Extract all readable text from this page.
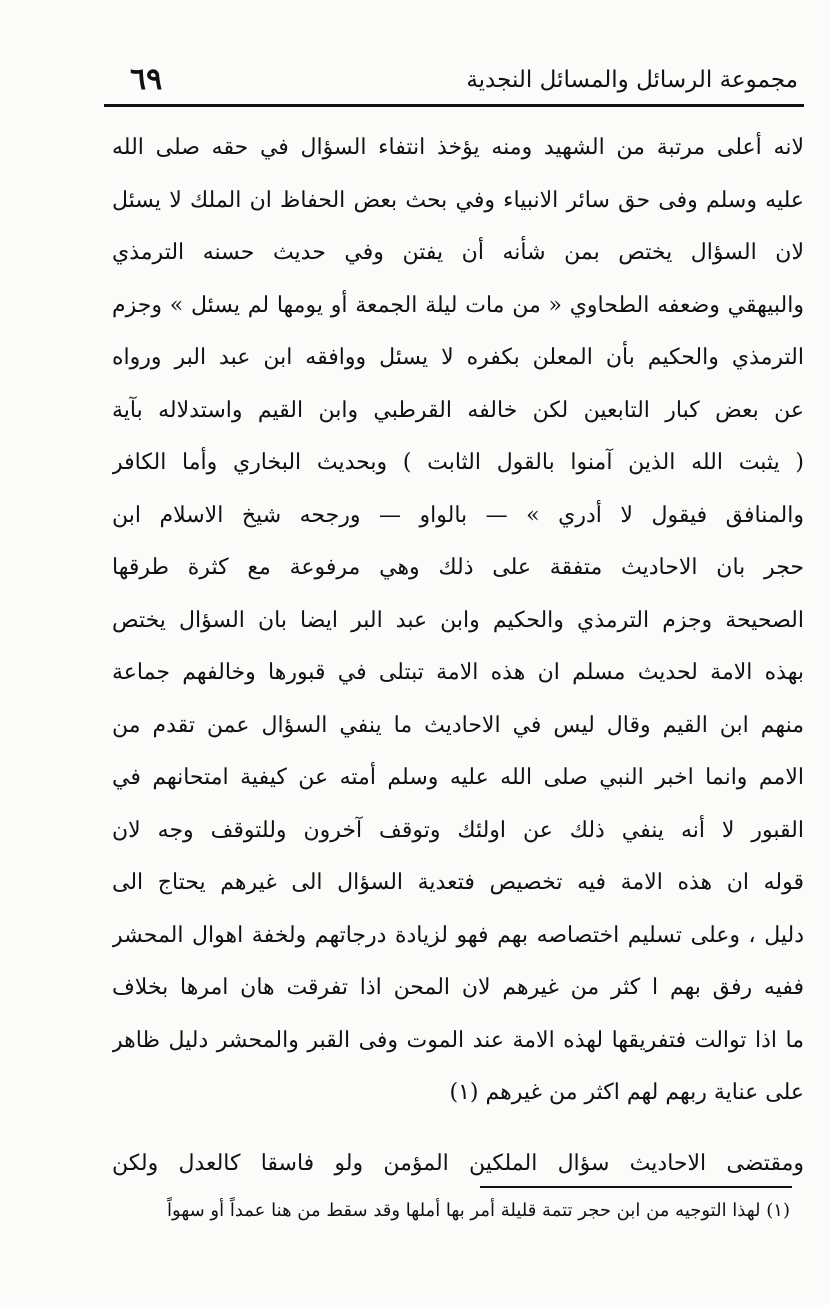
٦٩	مجموعة الرسائل والمسائل النجدية
لانه أعلى مرتبة من الشهيد ومنه يؤخذ انتفاء السؤال في حقه صلى الله
عليه وسلم وفى حق سائر الانبياء وفي بحث بعض الحفاظ ان الملك لا يسئل
لان السؤال يختص بمن شأنه أن يفتن وفي حديث حسنه الترمذي
والبيهقي وضعفه الطحاوي « من مات ليلة الجمعة أو يومها لم يسئل » وجزم
الترمذي والحكيم بأن المعلن بكفره لا يسئل ووافقه ابن عبد البر ورواه
عن بعض كبار التابعين لكن خالفه القرطبي وابن القيم واستدلاله بآية
( يثبت الله الذين آمنوا بالقول الثابت ) وبحديث البخاري وأما الكافر
والمنافق فيقول لا أدري » — بالواو — ورجحه شيخ الاسلام ابن
حجر بان الاحاديث متفقة على ذلك وهي مرفوعة مع كثرة طرقها
الصحيحة وجزم الترمذي والحكيم وابن عبد البر ايضا بان السؤال يختص
بهذه الامة لحديث مسلم ان هذه الامة تبتلى في قبورها وخالفهم جماعة
منهم ابن القيم وقال ليس في الاحاديث ما ينفي السؤال عمن تقدم من
الامم وانما اخبر النبي صلى الله عليه وسلم أمته عن كيفية امتحانهم في
القبور لا أنه ينفي ذلك عن اولئك وتوقف آخرون وللتوقف وجه لان
قوله ان هذه الامة فيه تخصيص فتعدية السؤال الى غيرهم يحتاج الى
دليل ، وعلى تسليم اختصاصه بهم فهو لزيادة درجاتهم ولخفة اهوال المحشر
ففيه رفق بهم ا كثر من غيرهم لان المحن اذا تفرقت هان امرها بخلاف
ما اذا توالت فتفريقها لهذه الامة عند الموت وفى القبر والمحشر دليل ظاهر
على عناية ربهم لهم اكثر من غيرهم (١)
ومقتضى الاحاديث سؤال الملكين المؤمن ولو فاسقا كالعدل ولكن
(١) لهذا التوجيه من ابن حجر تتمة قليلة أمر بها أملها وقد سقط من هنا عمداً أو سهواً
